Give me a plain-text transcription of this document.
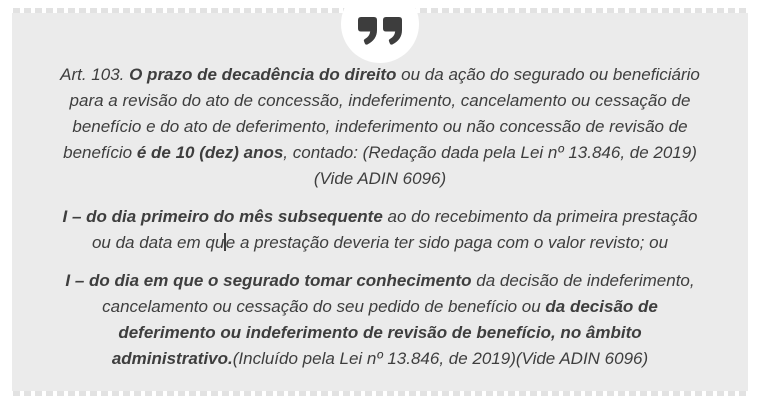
Art. 103. O prazo de decadência do direito ou da ação do segurado ou beneficiário para a revisão do ato de concessão, indeferimento, cancelamento ou cessação de benefício e do ato de deferimento, indeferimento ou não concessão de revisão de benefício é de 10 (dez) anos, contado: (Redação dada pela Lei nº 13.846, de 2019) (Vide ADIN 6096)

I – do dia primeiro do mês subsequente ao do recebimento da primeira prestação ou da data em que a prestação deveria ter sido paga com o valor revisto; ou

I – do dia em que o segurado tomar conhecimento da decisão de indeferimento, cancelamento ou cessação do seu pedido de benefício ou da decisão de deferimento ou indeferimento de revisão de benefício, no âmbito administrativo.(Incluído pela Lei nº 13.846, de 2019)(Vide ADIN 6096)
